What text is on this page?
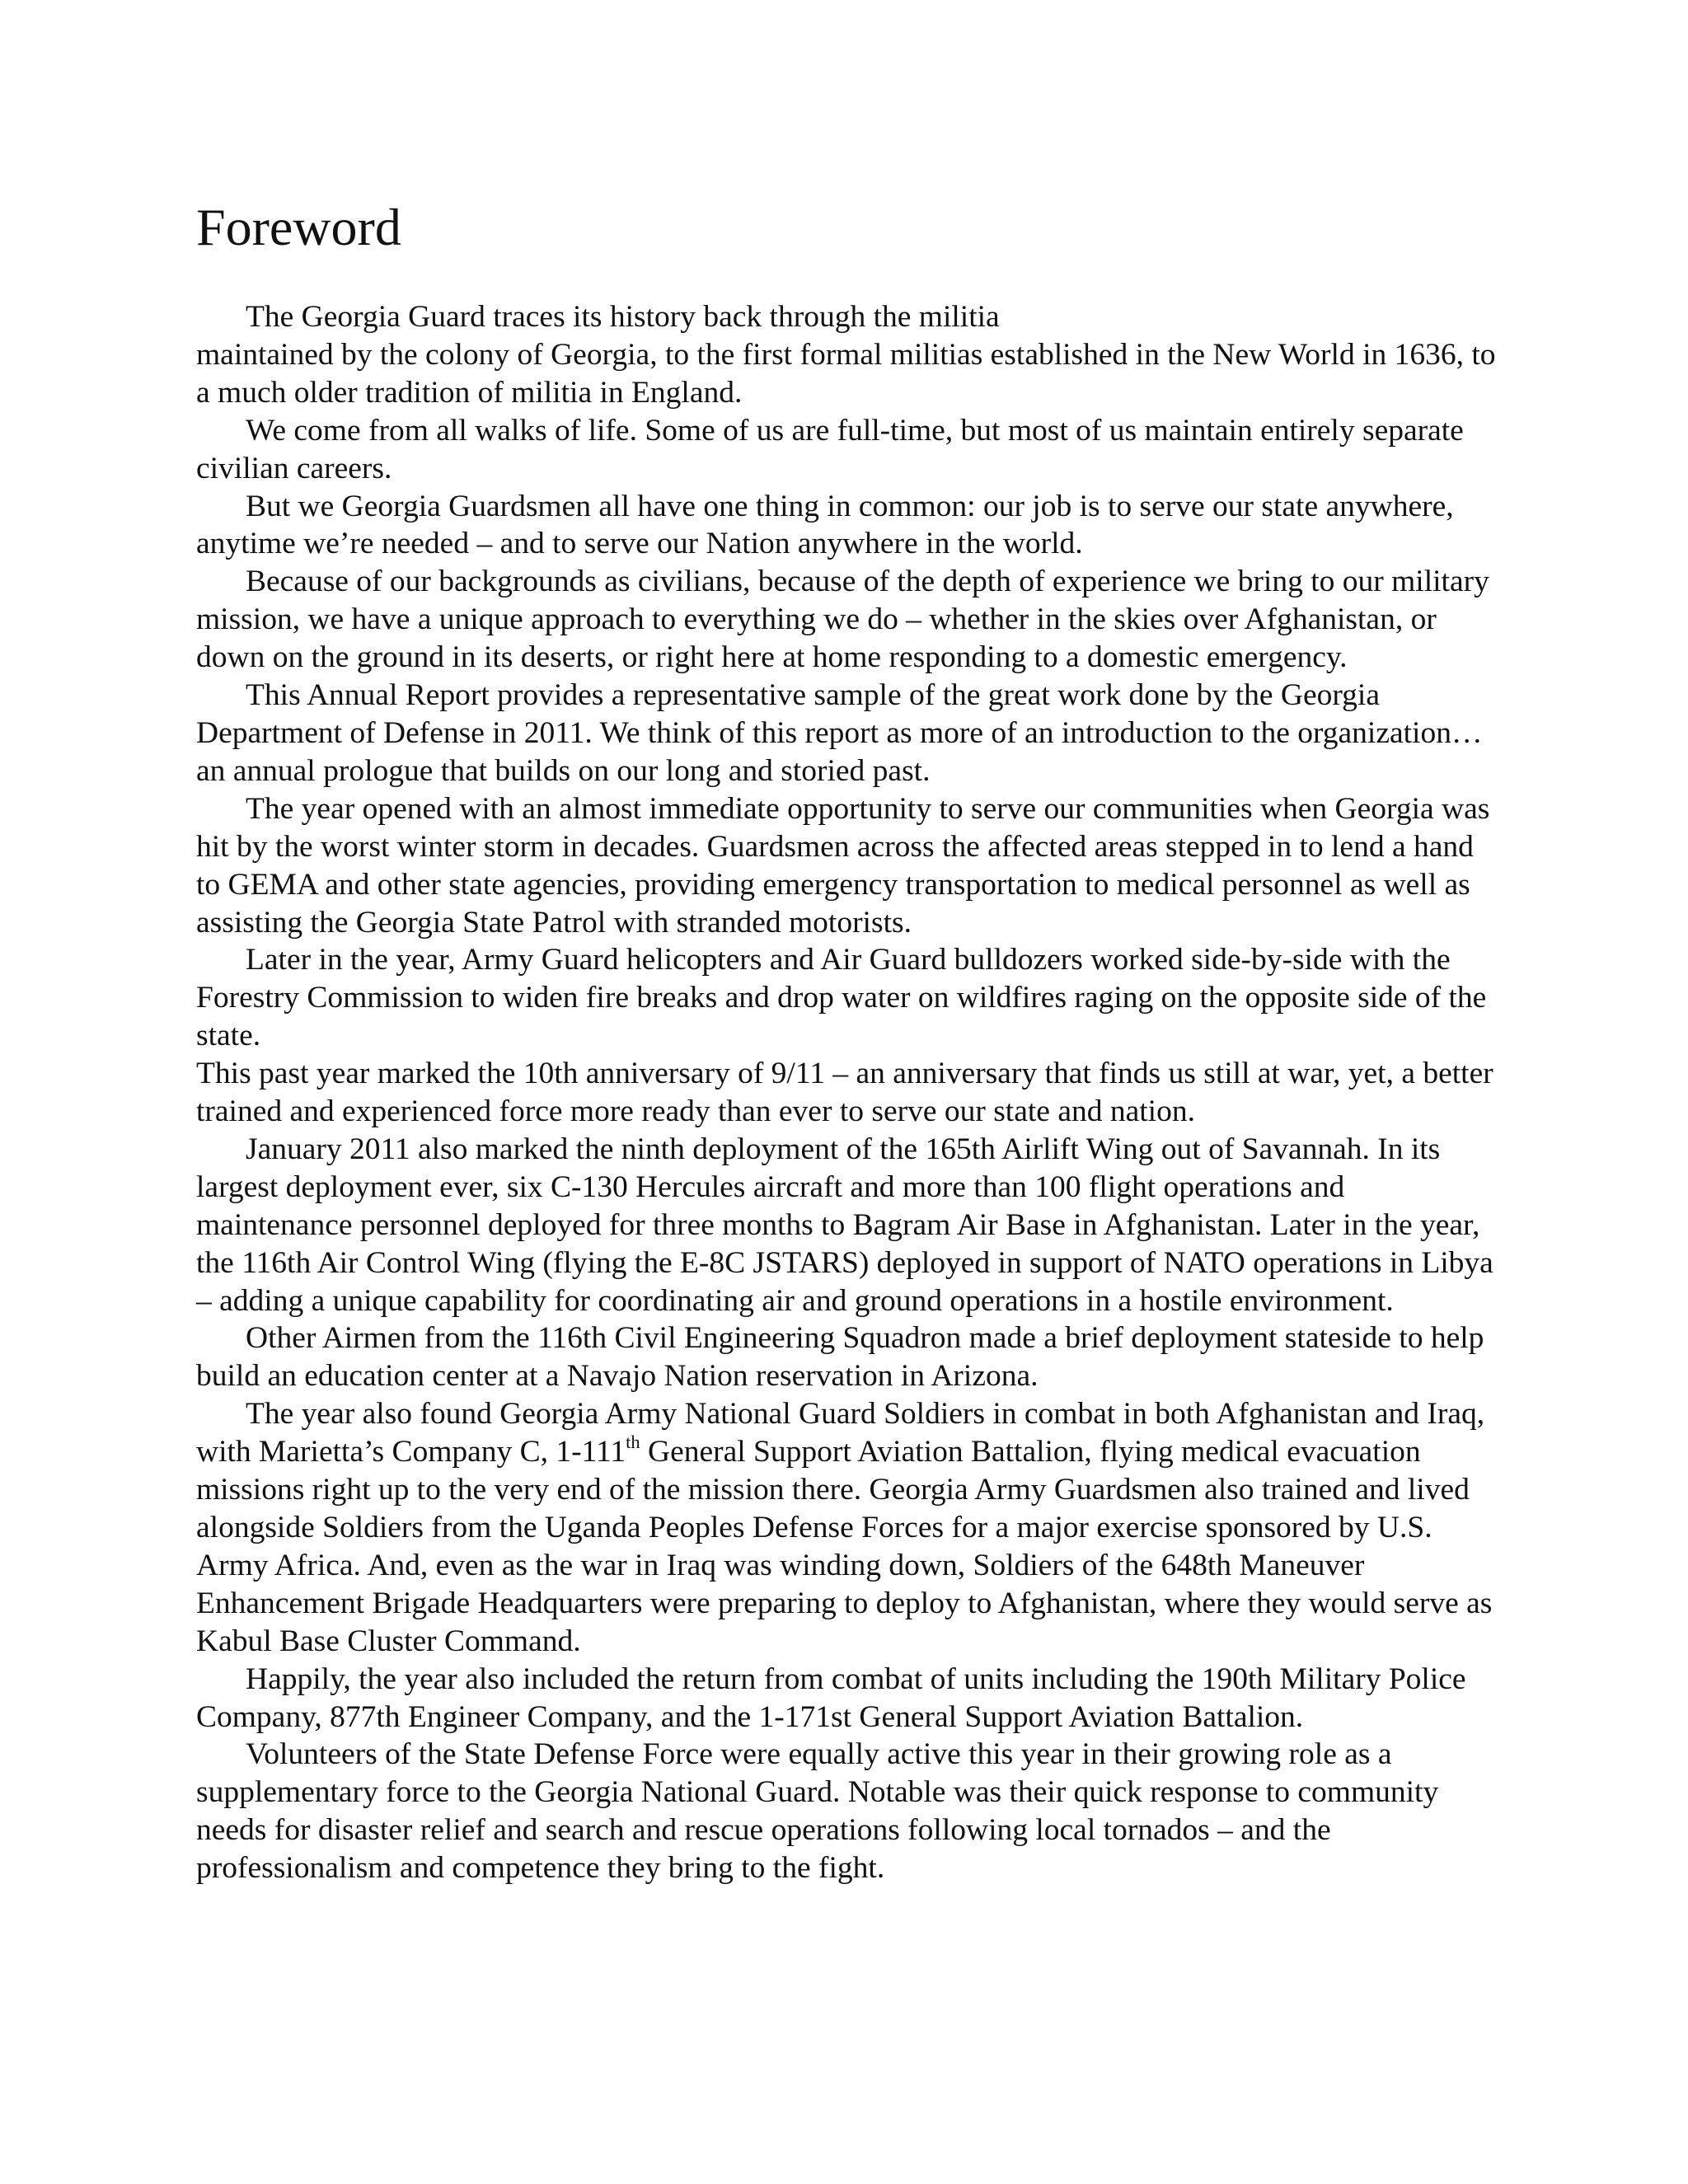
Foreword

The Georgia Guard traces its history back through the militia

maintained by the colony of Georgia, to the first formal militias established in the New World in 1636, to a much older tradition of militia in England.

We come from all walks of life. Some of us are full-time, but most of us maintain entirely separate civilian careers.

But we Georgia Guardsmen all have one thing in common: our job is to serve our state anywhere, anytime we’re needed – and to serve our Nation anywhere in the world.

Because of our backgrounds as civilians, because of the depth of experience we bring to our military mission, we have a unique approach to everything we do – whether in the skies over Afghanistan, or down on the ground in its deserts, or right here at home responding to a domestic emergency.

This Annual Report provides a representative sample of the great work done by the Georgia Department of Defense in 2011. We think of this report as more of an introduction to the organization… an annual prologue that builds on our long and storied past.

The year opened with an almost immediate opportunity to serve our communities when Georgia was hit by the worst winter storm in decades. Guardsmen across the affected areas stepped in to lend a hand to GEMA and other state agencies, providing emergency transportation to medical personnel as well as assisting the Georgia State Patrol with stranded motorists.

Later in the year, Army Guard helicopters and Air Guard bulldozers worked side-by-side with the Forestry Commission to widen fire breaks and drop water on wildfires raging on the opposite side of the state.

This past year marked the 10th anniversary of 9/11 – an anniversary that finds us still at war, yet, a better trained and experienced force more ready than ever to serve our state and nation.

January 2011 also marked the ninth deployment of the 165th Airlift Wing out of Savannah. In its largest deployment ever, six C-130 Hercules aircraft and more than 100 flight operations and maintenance personnel deployed for three months to Bagram Air Base in Afghanistan. Later in the year, the 116th Air Control Wing (flying the E-8C JSTARS) deployed in support of NATO operations in Libya – adding a unique capability for coordinating air and ground operations in a hostile environment.

Other Airmen from the 116th Civil Engineering Squadron made a brief deployment stateside to help build an education center at a Navajo Nation reservation in Arizona.

The year also found Georgia Army National Guard Soldiers in combat in both Afghanistan and Iraq, with Marietta’s Company C, 1-111th General Support Aviation Battalion, flying medical evacuation missions right up to the very end of the mission there. Georgia Army Guardsmen also trained and lived alongside Soldiers from the Uganda Peoples Defense Forces for a major exercise sponsored by U.S. Army Africa. And, even as the war in Iraq was winding down, Soldiers of the 648th Maneuver Enhancement Brigade Headquarters were preparing to deploy to Afghanistan, where they would serve as Kabul Base Cluster Command.

Happily, the year also included the return from combat of units including the 190th Military Police Company, 877th Engineer Company, and the 1-171st General Support Aviation Battalion.

Volunteers of the State Defense Force were equally active this year in their growing role as a supplementary force to the Georgia National Guard. Notable was their quick response to community needs for disaster relief and search and rescue operations following local tornados – and the professionalism and competence they bring to the fight.
